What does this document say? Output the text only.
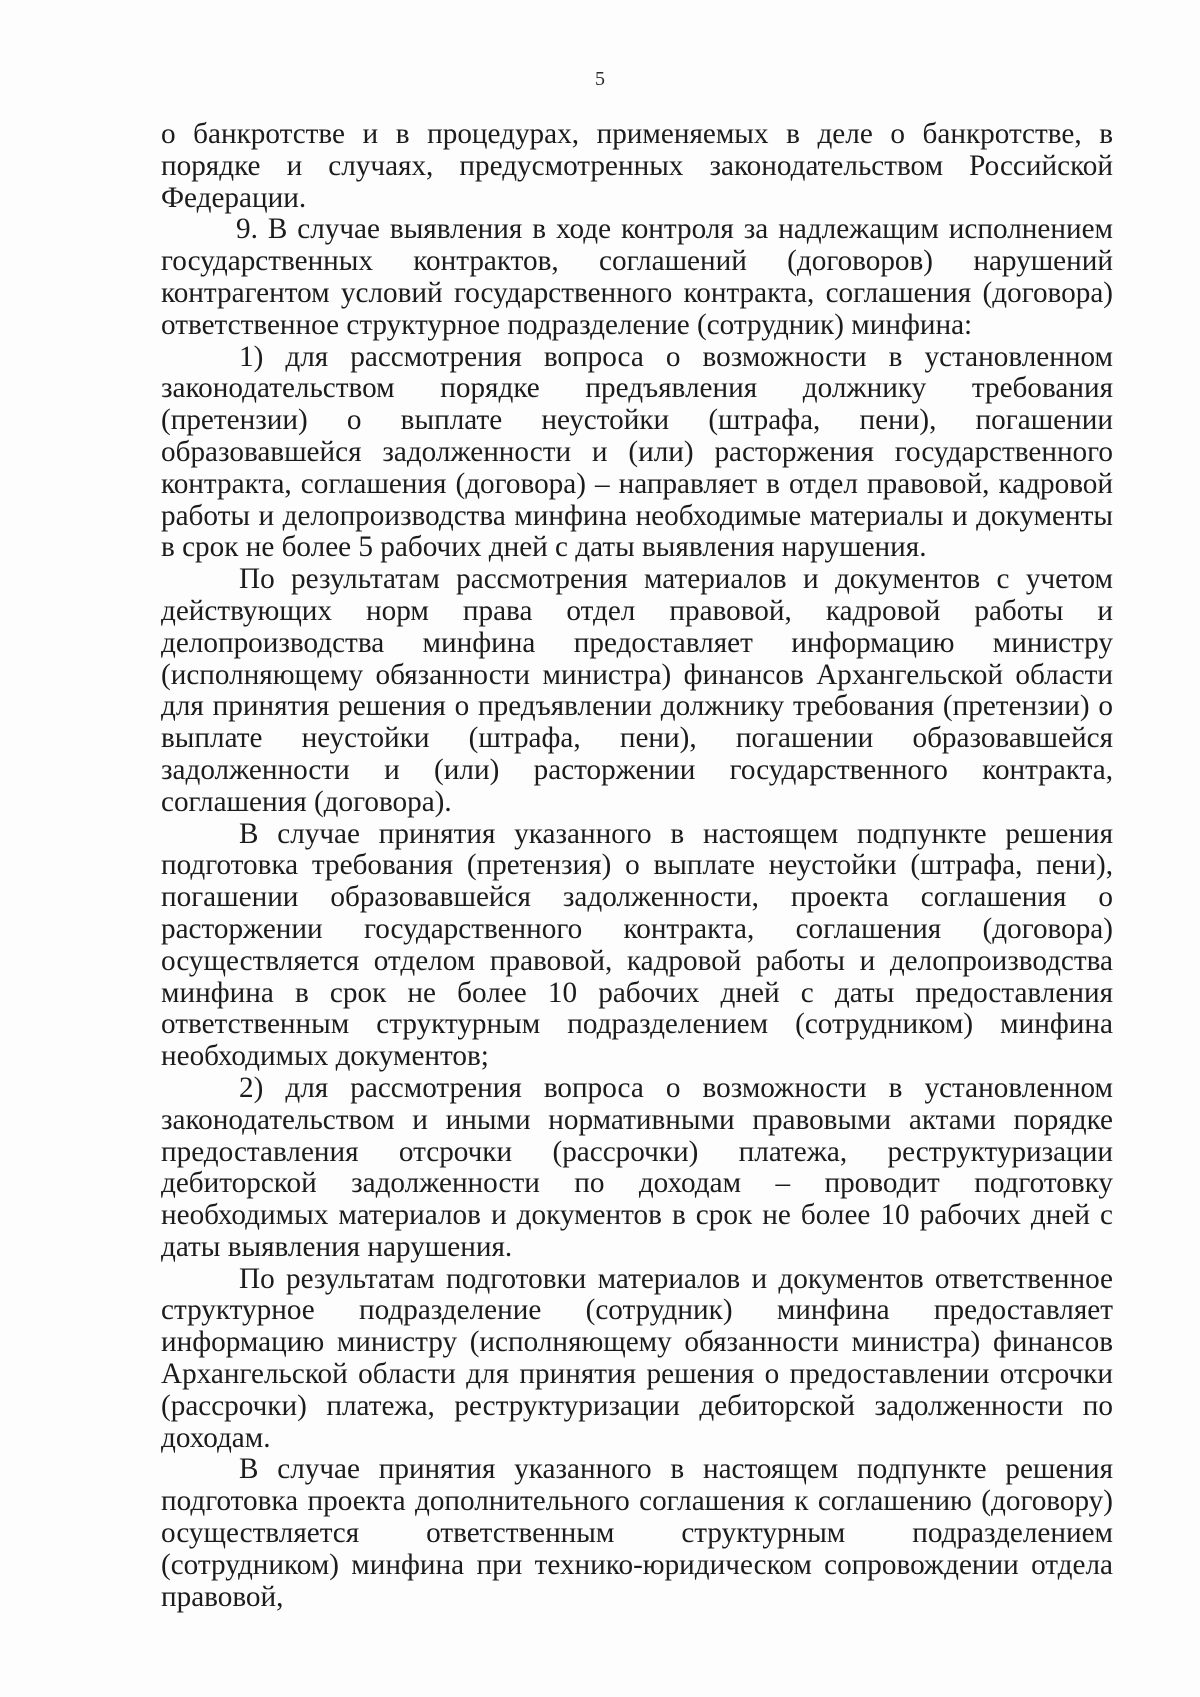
5

о банкротстве и в процедурах, применяемых в деле о банкротстве, в порядке и случаях, предусмотренных законодательством Российской Федерации.

9. В случае выявления в ходе контроля за надлежащим исполнением государственных контрактов, соглашений (договоров) нарушений контрагентом условий государственного контракта, соглашения (договора) ответственное структурное подразделение (сотрудник) минфина:

1) для рассмотрения вопроса о возможности в установленном законодательством порядке предъявления должнику требования (претензии) о выплате неустойки (штрафа, пени), погашении образовавшейся задолженности и (или) расторжения государственного контракта, соглашения (договора) – направляет в отдел правовой, кадровой работы и делопроизводства минфина необходимые материалы и документы в срок не более 5 рабочих дней с даты выявления нарушения.

По результатам рассмотрения материалов и документов с учетом действующих норм права отдел правовой, кадровой работы и делопроизводства минфина предоставляет информацию министру (исполняющему обязанности министра) финансов Архангельской области для принятия решения о предъявлении должнику требования (претензии) о выплате неустойки (штрафа, пени), погашении образовавшейся задолженности и (или) расторжении государственного контракта, соглашения (договора).

В случае принятия указанного в настоящем подпункте решения подготовка требования (претензия) о выплате неустойки (штрафа, пени), погашении образовавшейся задолженности, проекта соглашения о расторжении государственного контракта, соглашения (договора) осуществляется отделом правовой, кадровой работы и делопроизводства минфина в срок не более 10 рабочих дней с даты предоставления ответственным структурным подразделением (сотрудником) минфина необходимых документов;

2) для рассмотрения вопроса о возможности в установленном законодательством и иными нормативными правовыми актами порядке предоставления отсрочки (рассрочки) платежа, реструктуризации дебиторской задолженности по доходам – проводит подготовку необходимых материалов и документов в срок не более 10 рабочих дней с даты выявления нарушения.

По результатам подготовки материалов и документов ответственное структурное подразделение (сотрудник) минфина предоставляет информацию министру (исполняющему обязанности министра) финансов Архангельской области для принятия решения о предоставлении отсрочки (рассрочки) платежа, реструктуризации дебиторской задолженности по доходам.

В случае принятия указанного в настоящем подпункте решения подготовка проекта дополнительного соглашения к соглашению (договору) осуществляется ответственным структурным подразделением (сотрудником) минфина при технико-юридическом сопровождении отдела правовой,
